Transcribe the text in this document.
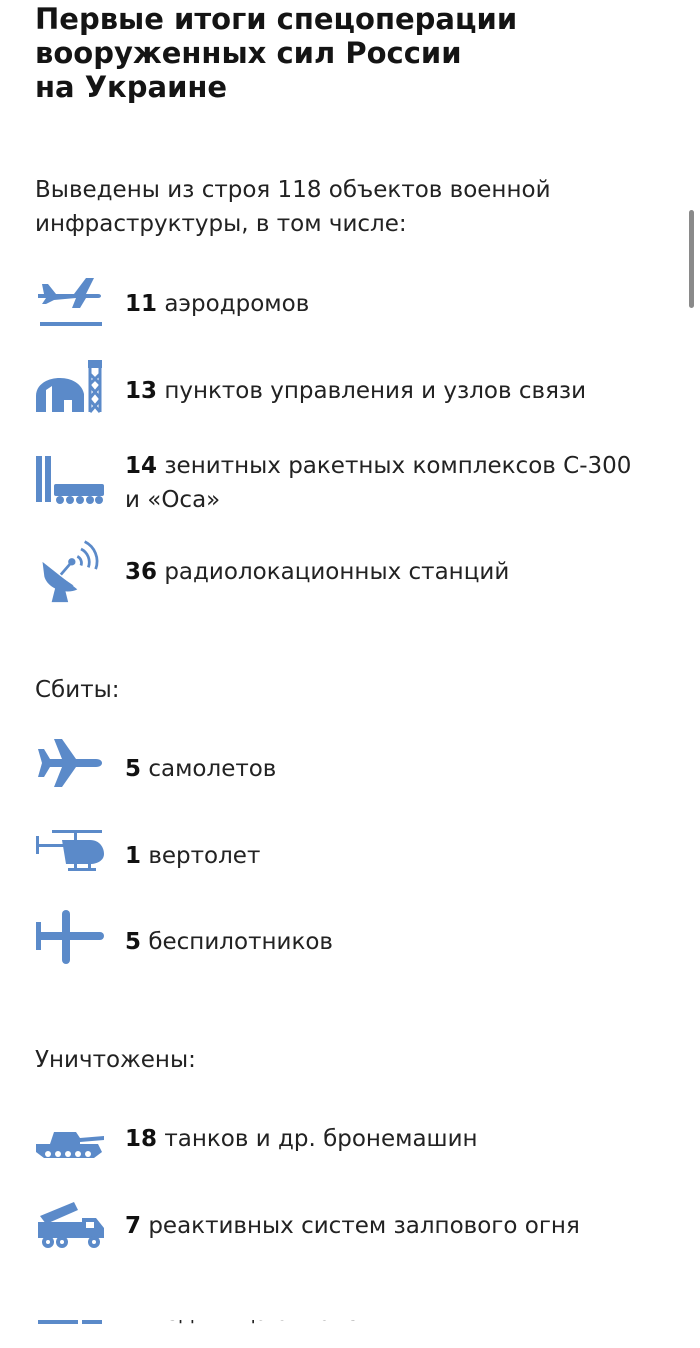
Первые итоги спецоперации
вооруженных сил России
на Украине

Выведены из строя 118 объектов военной
инфраструктуры, в том числе:

11 аэродромов
13 пунктов управления и узлов связи
14 зенитных ракетных комплексов С-300
и «Оса»
36 радиолокационных станций

Сбиты:

5 самолетов
1 вертолет
5 беспилотников

Уничтожены:

18 танков и др. бронемашин
7 реактивных систем залпового огня
